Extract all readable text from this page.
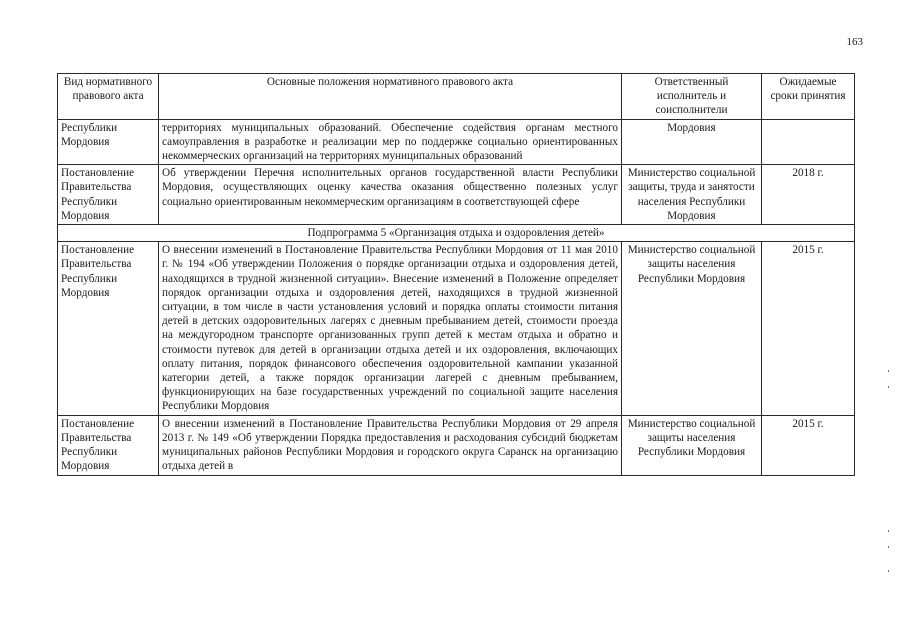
163
Вид нормативного правового акта	Основные положения нормативного правового акта	Ответственный исполнитель и соисполнители	Ожидаемые сроки принятия
Республики Мордовия	территориях муниципальных образований. Обеспечение содействия органам местного самоуправления в разработке и реализации мер по поддержке социально ориентированных некоммерческих организаций на территориях муниципальных образований	Мордовия	
Постановление Правительства Республики Мордовия	Об утверждении Перечня исполнительных органов государственной власти Республики Мордовия, осуществляющих оценку качества оказания общественно полезных услуг социально ориентированным некоммерческим организациям в соответствующей сфере	Министерство социальной защиты, труда и занятости населения Республики Мордовия	2018 г.
Подпрограмма 5 «Организация отдыха и оздоровления детей»			
Постановление Правительства Республики Мордовия	О внесении изменений в Постановление Правительства Республики Мордовия от 11 мая 2010 г. № 194 «Об утверждении Положения о порядке организации отдыха и оздоровления детей, находящихся в трудной жизненной ситуации». Внесение изменений в Положение определяет порядок организации отдыха и оздоровления детей, находящихся в трудной жизненной ситуации, в том числе в части установления условий и порядка оплаты стоимости питания детей в детских оздоровительных лагерях с дневным пребыванием детей, стоимости проезда на междугородном транспорте организованных групп детей к местам отдыха и обратно и стоимости путевок для детей в организации отдыха детей и их оздоровления, включающих оплату питания, порядок финансового обеспечения оздоровительной кампании указанной категории детей, а также порядок организации лагерей с дневным пребыванием, функционирующих на базе государственных учреждений по социальной защите населения Республики Мордовия	Министерство социальной защиты населения Республики Мордовия	2015 г.

Постановление Правительства Республики Мордовия	О внесении изменений в Постановление Правительства Республики Мордовия от 29 апреля 2013 г. № 149 «Об утверждении Порядка предоставления и расходования субсидий бюджетам муниципальных районов Республики Мордовия и городского округа Саранск на организацию отдыха детей в	Министерство социальной защиты населения Республики Мордовия	2015 г.
